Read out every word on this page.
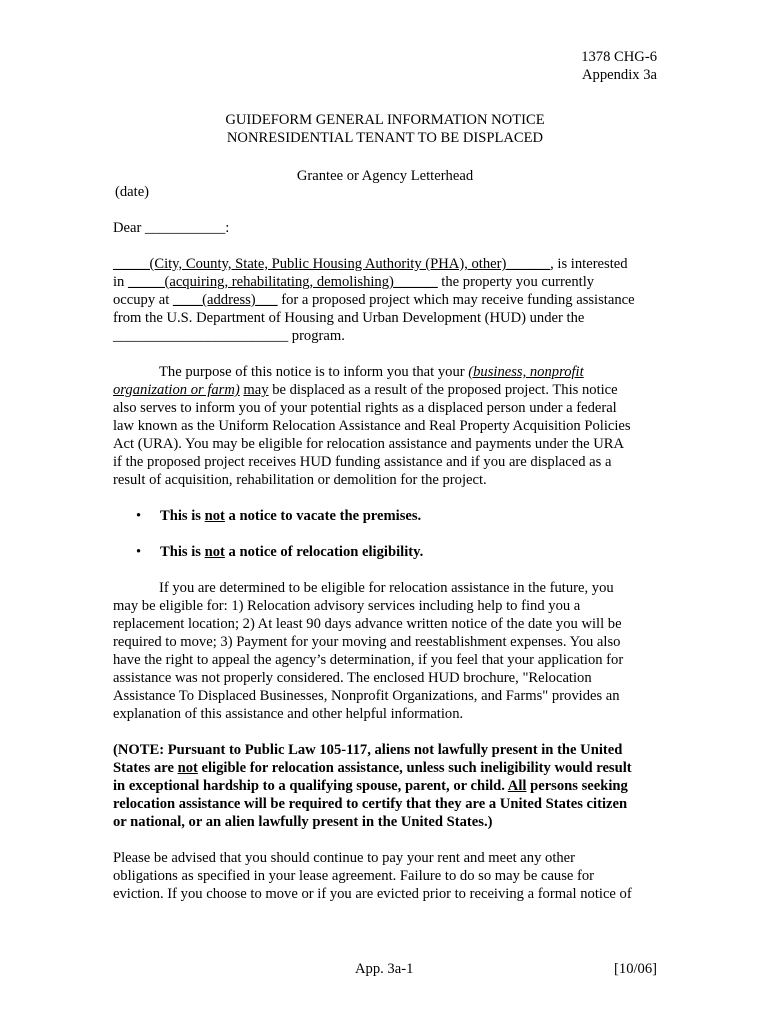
1378 CHG-6
Appendix 3a
GUIDEFORM GENERAL INFORMATION NOTICE
NONRESIDENTIAL TENANT TO BE DISPLACED
Grantee or Agency Letterhead
(date)
Dear ___________:
_____(City, County, State, Public Housing Authority (PHA), other)______, is interested
in _____(acquiring, rehabilitating, demolishing)______ the property you currently
occupy at ____(address)___ for a proposed project which may receive funding assistance
from the U.S. Department of Housing and Urban Development (HUD) under the
________________________ program.
The purpose of this notice is to inform you that your (business, nonprofit
organization or farm) may be displaced as a result of the proposed project. This notice
also serves to inform you of your potential rights as a displaced person under a federal
law known as the Uniform Relocation Assistance and Real Property Acquisition Policies
Act (URA). You may be eligible for relocation assistance and payments under the URA
if the proposed project receives HUD funding assistance and if you are displaced as a
result of acquisition, rehabilitation or demolition for the project.
• This is not a notice to vacate the premises.
• This is not a notice of relocation eligibility.
If you are determined to be eligible for relocation assistance in the future, you
may be eligible for: 1) Relocation advisory services including help to find you a
replacement location; 2) At least 90 days advance written notice of the date you will be
required to move; 3) Payment for your moving and reestablishment expenses. You also
have the right to appeal the agency’s determination, if you feel that your application for
assistance was not properly considered. The enclosed HUD brochure, "Relocation
Assistance To Displaced Businesses, Nonprofit Organizations, and Farms" provides an
explanation of this assistance and other helpful information.
(NOTE: Pursuant to Public Law 105-117, aliens not lawfully present in the United
States are not eligible for relocation assistance, unless such ineligibility would result
in exceptional hardship to a qualifying spouse, parent, or child. All persons seeking
relocation assistance will be required to certify that they are a United States citizen
or national, or an alien lawfully present in the United States.)
Please be advised that you should continue to pay your rent and meet any other
obligations as specified in your lease agreement. Failure to do so may be cause for
eviction. If you choose to move or if you are evicted prior to receiving a formal notice of
App. 3a-1	[10/06]
